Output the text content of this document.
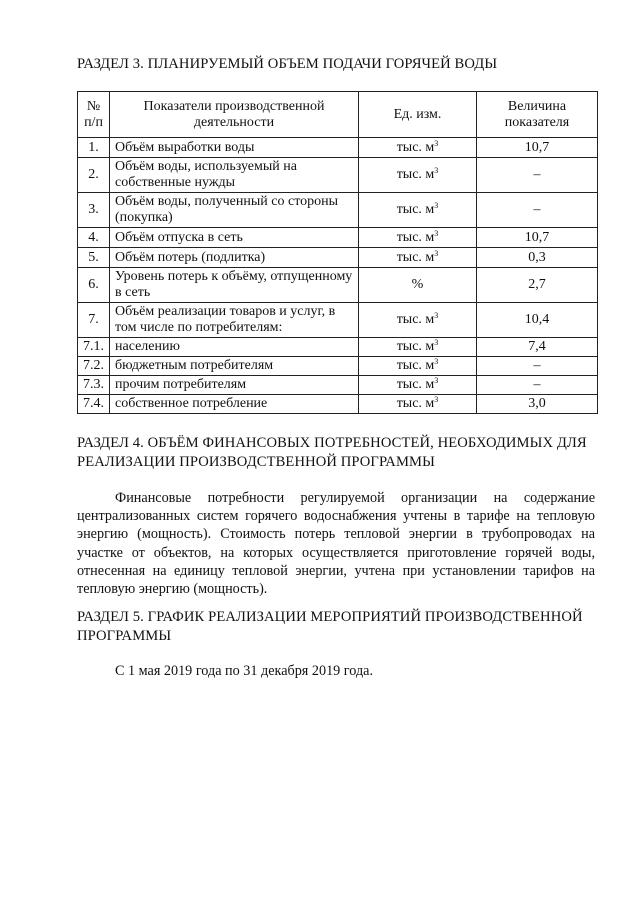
РАЗДЕЛ 3. ПЛАНИРУЕМЫЙ ОБЪЕМ ПОДАЧИ ГОРЯЧЕЙ ВОДЫ
№ п/п	Показатели производственной деятельности	Ед. изм.	Величина показателя
1.	Объём выработки воды	тыс. $м^3$	10,7
2.	Объём воды, используемый на собственные нужды	тыс. $м^3$	–
3.	Объём воды, полученный со стороны (покупка)	тыс. $м^3$	–
4.	Объём отпуска в сеть	тыс. $м^3$	10,7
5.	Объём потерь (подлитка)	тыс. $м^3$	0,3
6.	Уровень потерь к объёму, отпущенному в сеть	%	2,7
7.	Объём реализации товаров и услуг, в том числе по потребителям:	тыс. $м^3$	10,4
7.1.	населению	тыс. $м^3$	7,4
7.2.	бюджетным потребителям	тыс. $м^3$	–
7.3.	прочим потребителям	тыс. $м^3$	–
7.4.	собственное потребление	тыс. $м^3$	3,0
РАЗДЕЛ 4. ОБЪЁМ ФИНАНСОВЫХ ПОТРЕБНОСТЕЙ, НЕОБХОДИМЫХ ДЛЯ РЕАЛИЗАЦИИ ПРОИЗВОДСТВЕННОЙ ПРОГРАММЫ
Финансовые потребности регулируемой организации на содержание централизованных систем горячего водоснабжения учтены в тарифе на тепловую энергию (мощность). Стоимость потерь тепловой энергии в трубопроводах на участке от объектов, на которых осуществляется приготовление горячей воды, отнесенная на единицу тепловой энергии, учтена при установлении тарифов на тепловую энергию (мощность).
РАЗДЕЛ 5. ГРАФИК РЕАЛИЗАЦИИ МЕРОПРИЯТИЙ ПРОИЗВОДСТВЕННОЙ ПРОГРАММЫ
С 1 мая 2019 года по 31 декабря 2019 года.
